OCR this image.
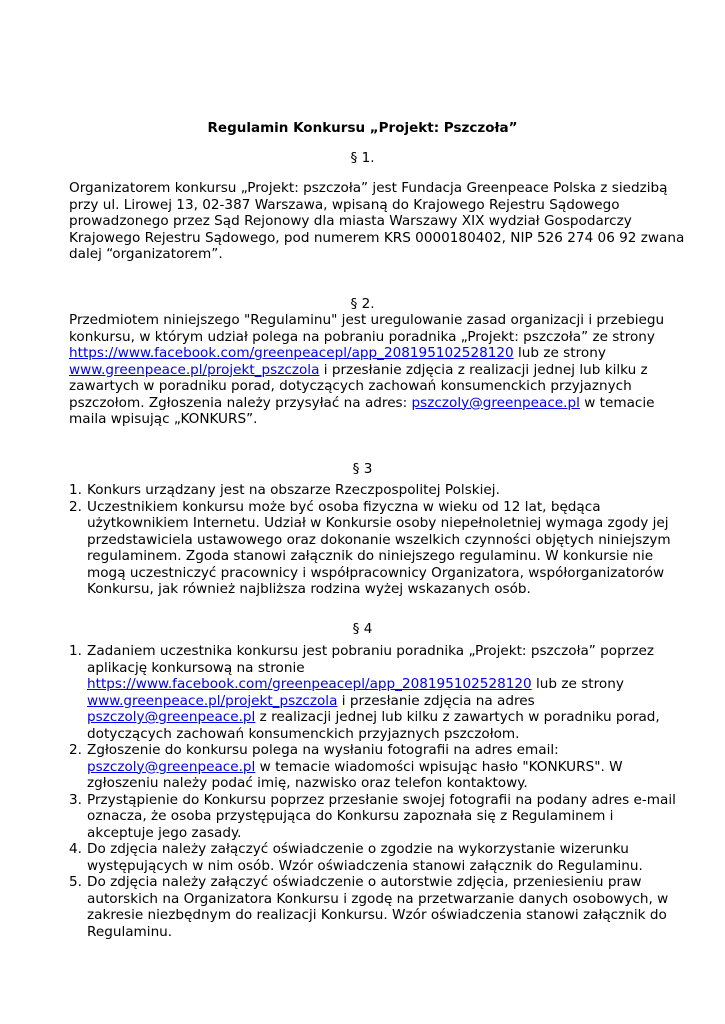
Regulamin Konkursu „Projekt: Pszczoła”
§ 1.
Organizatorem konkursu „Projekt: pszczoła” jest Fundacja Greenpeace Polska z siedzibą
przy ul. Lirowej 13, 02-387 Warszawa, wpisaną do Krajowego Rejestru Sądowego
prowadzonego przez Sąd Rejonowy dla miasta Warszawy XIX wydział Gospodarczy
Krajowego Rejestru Sądowego, pod numerem KRS 0000180402, NIP 526 274 06 92 zwana
dalej “organizatorem”.
§ 2.
Przedmiotem niniejszego "Regulaminu" jest uregulowanie zasad organizacji i przebiegu
konkursu, w którym udział polega na pobraniu poradnika „Projekt: pszczoła” ze strony
https://www.facebook.com/greenpeacepl/app_208195102528120 lub ze strony
www.greenpeace.pl/projekt_pszczola i przesłanie zdjęcia z realizacji jednej lub kilku z
zawartych w poradniku porad, dotyczących zachowań konsumenckich przyjaznych
pszczołom. Zgłoszenia należy przysyłać na adres: pszczoly@greenpeace.pl w temacie
maila wpisując „KONKURS”.
§ 3
1. Konkurs urządzany jest na obszarze Rzeczpospolitej Polskiej.
2. Uczestnikiem konkursu może być osoba fizyczna w wieku od 12 lat, będąca
użytkownikiem Internetu. Udział w Konkursie osoby niepełnoletniej wymaga zgody jej
przedstawiciela ustawowego oraz dokonanie wszelkich czynności objętych niniejszym
regulaminem. Zgoda stanowi załącznik do niniejszego regulaminu. W konkursie nie
mogą uczestniczyć pracownicy i współpracownicy Organizatora, współorganizatorów
Konkursu, jak również najbliższa rodzina wyżej wskazanych osób.
§ 4
1. Zadaniem uczestnika konkursu jest pobraniu poradnika „Projekt: pszczoła” poprzez
aplikację konkursową na stronie
https://www.facebook.com/greenpeacepl/app_208195102528120 lub ze strony
www.greenpeace.pl/projekt_pszczola i przesłanie zdjęcia na adres
pszczoly@greenpeace.pl z realizacji jednej lub kilku z zawartych w poradniku porad,
dotyczących zachowań konsumenckich przyjaznych pszczołom.
2. Zgłoszenie do konkursu polega na wysłaniu fotografii na adres email:
pszczoly@greenpeace.pl w temacie wiadomości wpisując hasło "KONKURS". W
zgłoszeniu należy podać imię, nazwisko oraz telefon kontaktowy.
3. Przystąpienie do Konkursu poprzez przesłanie swojej fotografii na podany adres e-mail
oznacza, że osoba przystępująca do Konkursu zapoznała się z Regulaminem i
akceptuje jego zasady.
4. Do zdjęcia należy załączyć oświadczenie o zgodzie na wykorzystanie wizerunku
występujących w nim osób. Wzór oświadczenia stanowi załącznik do Regulaminu.
5. Do zdjęcia należy załączyć oświadczenie o autorstwie zdjęcia, przeniesieniu praw
autorskich na Organizatora Konkursu i zgodę na przetwarzanie danych osobowych, w
zakresie niezbędnym do realizacji Konkursu. Wzór oświadczenia stanowi załącznik do
Regulaminu.
